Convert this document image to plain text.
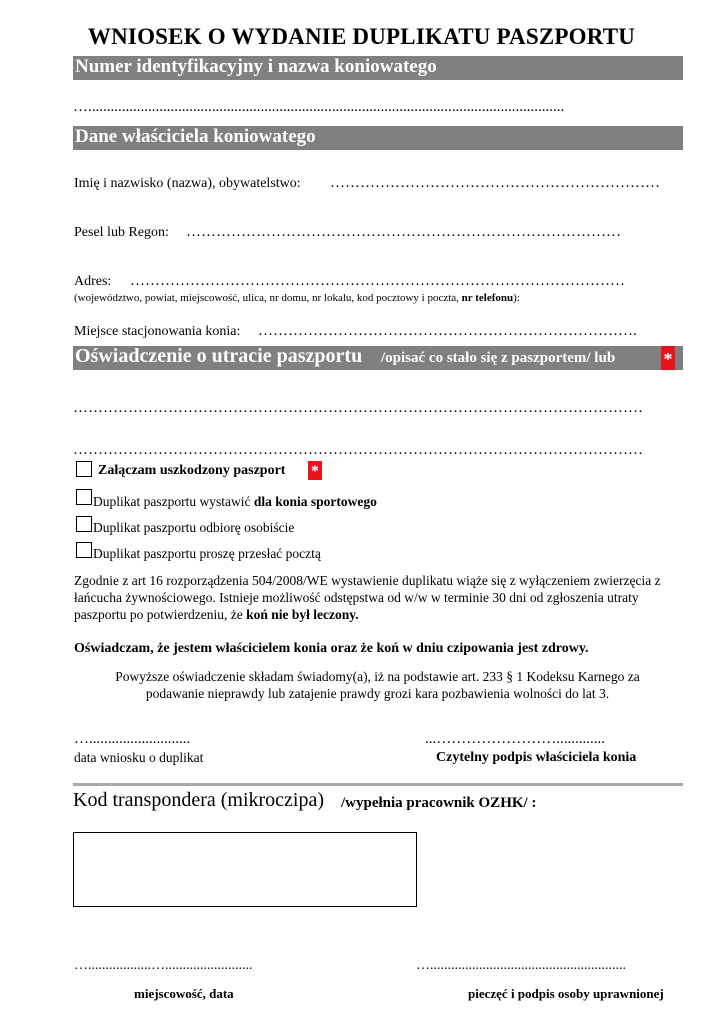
WNIOSEK O WYDANIE DUPLIKATU PASZPORTU
Numer identyfikacyjny i nazwa koniowatego
…...............................................................................................................................
Dane właściciela koniowatego
Imię i nazwisko (nazwa), obywatelstwo: …………………………………………………………
Pesel lub Regon: ……………………………………………………………………………
Adres: ………………………………………………………………………………………
(województwo, powiat, miejscowość, ulica, nr domu, nr lokalu, kod pocztowy i poczta, nr telefonu):
Miejsce stacjonowania konia: ………………………………………………………………….
Oświadczenie o utracie paszportu /opisać co stało się z paszportem/ lub	*
……………………………………………………………………………………………………
……………………………………………………………………………………………………
Załączam uszkodzony paszport *
Duplikat paszportu wystawić dla konia sportowego
Duplikat paszportu odbiorę osobiście
Duplikat paszportu proszę przesłać pocztą
Zgodnie z art 16 rozporządzenia 504/2008/WE wystawienie duplikatu wiąże się z wyłączeniem zwierzęcia z łańcucha żywnościowego. Istnieje możliwość odstępstwa od w/w w terminie 30 dni od zgłoszenia utraty paszportu po potwierdzeniu, że koń nie był leczony.
Oświadczam, że jestem właścicielem konia oraz że koń w dniu czipowania jest zdrowy.
Powyższe oświadczenie składam świadomy(a), iż na podstawie art. 233 § 1 Kodeksu Karnego za podawanie nieprawdy lub zatajenie prawdy grozi kara pozbawienia wolności do lat 3.
…...........................
data wniosku o duplikat
...…………………….............
Czytelny podpis właściciela konia
Kod transpondera (mikroczipa) /wypełnia pracownik OZHK/ :
…..................….........................
miejscowość, data
…........................................................
pieczęć i podpis osoby uprawnionej
